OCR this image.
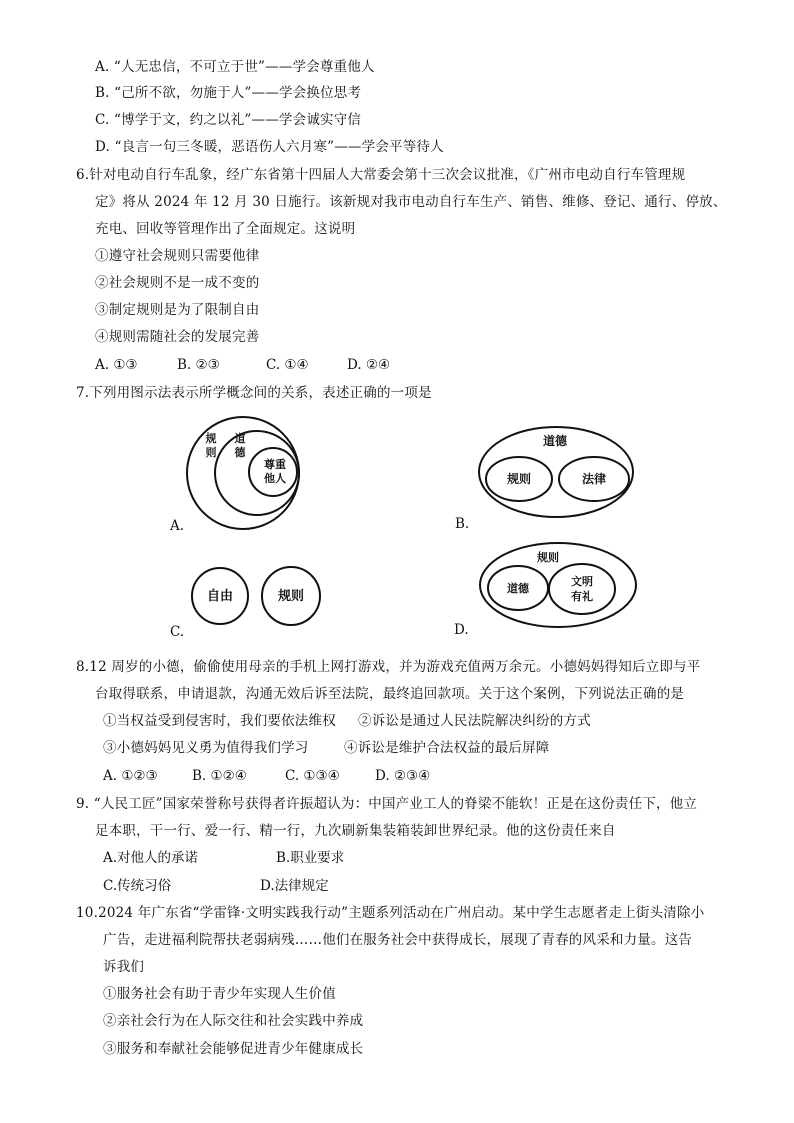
A. “人无忠信，不可立于世”——学会尊重他人
B. “己所不欲，勿施于人”——学会换位思考
C. “博学于文，约之以礼”——学会诚实守信
D. “良言一句三冬暖，恶语伤人六月寒”——学会平等待人
6.针对电动自行车乱象，经广东省第十四届人大常委会第十三次会议批准，《广州市电动自行车管理规
定》将从 2024 年 12 月 30 日施行。该新规对我市电动自行车生产、销售、维修、登记、通行、停放、
充电、回收等管理作出了全面规定。这说明
①遵守社会规则只需要他律
②社会规则不是一成不变的
③制定规则是为了限制自由
④规则需随社会的发展完善
A. ①③	B. ②③	C. ①④	D. ②④
7.下列用图示法表示所学概念间的关系，表述正确的一项是
规
则
道
德
尊重
他人
A.
道德
规则	法律
B.
自由	规则
C.
规则
道德
文明
有礼
D.
8.12 周岁的小德，偷偷使用母亲的手机上网打游戏，并为游戏充值两万余元。小德妈妈得知后立即与平
台取得联系，申请退款，沟通无效后诉至法院，最终追回款项。关于这个案例，下列说法正确的是
①当权益受到侵害时，我们要依法维权 ②诉讼是通过人民法院解决纠纷的方式
③小德妈妈见义勇为值得我们学习	④诉讼是维护合法权益的最后屏障
A. ①②③	B. ①②④	C. ①③④	D. ②③④
9. “人民工匠”国家荣誉称号获得者许振超认为：中国产业工人的脊梁不能软！正是在这份责任下，他立
足本职，干一行、爱一行、精一行，九次刷新集装箱装卸世界纪录。他的这份责任来自
A.对他人的承诺	B.职业要求
C.传统习俗	D.法律规定
10.2024 年广东省“学雷锋·文明实践我行动”主题系列活动在广州启动。某中学生志愿者走上街头清除小
广告，走进福利院帮扶老弱病残……他们在服务社会中获得成长，展现了青春的风采和力量。这告
诉我们
①服务社会有助于青少年实现人生价值
②亲社会行为在人际交往和社会实践中养成
③服务和奉献社会能够促进青少年健康成长
